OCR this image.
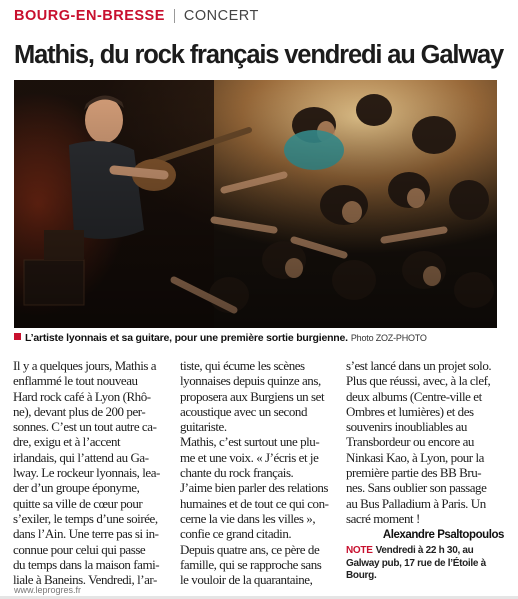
BOURG-EN-BRESSE CONCERT
Mathis, du rock français vendredi au Galway
L’artiste lyonnais et sa guitare, pour une première sortie burgienne. Photo ZOZ-PHOTO
Il y a quelques jours, Mathis a
enflammé le tout nouveau
Hard rock café à Lyon (Rhô-
ne), devant plus de 200 per-
sonnes. C’est un tout autre ca-
dre, exigu et à l’accent
irlandais, qui l’attend au Ga-
lway. Le rockeur lyonnais, lea-
der d’un groupe éponyme,
quitte sa ville de cœur pour
s’exiler, le temps d’une soirée,
dans l’Ain. Une terre pas si in-
connue pour celui qui passe
du temps dans la maison fami-
liale à Baneins. Vendredi, l’ar-
tiste, qui écume les scènes
lyonnaises depuis quinze ans,
proposera aux Burgiens un set
acoustique avec un second
guitariste.
Mathis, c’est surtout une plu-
me et une voix. « J’écris et je
chante du rock français.
J’aime bien parler des relations
humaines et de tout ce qui con-
cerne la vie dans les villes »,
confie ce grand citadin.
Depuis quatre ans, ce père de
famille, qui se rapproche sans
le vouloir de la quarantaine,
s’est lancé dans un projet solo.
Plus que réussi, avec, à la clef,
deux albums (Centre-ville et
Ombres et lumières) et des
souvenirs inoubliables au
Transbordeur ou encore au
Ninkasi Kao, à Lyon, pour la
première partie des BB Bru-
nes. Sans oublier son passage
au Bus Palladium à Paris. Un
sacré moment !
Alexandre Psaltopoulos
NOTE Vendredi à 22 h 30, au Galway pub, 17 rue de l’Étoile à Bourg.
www.leprogres.fr
